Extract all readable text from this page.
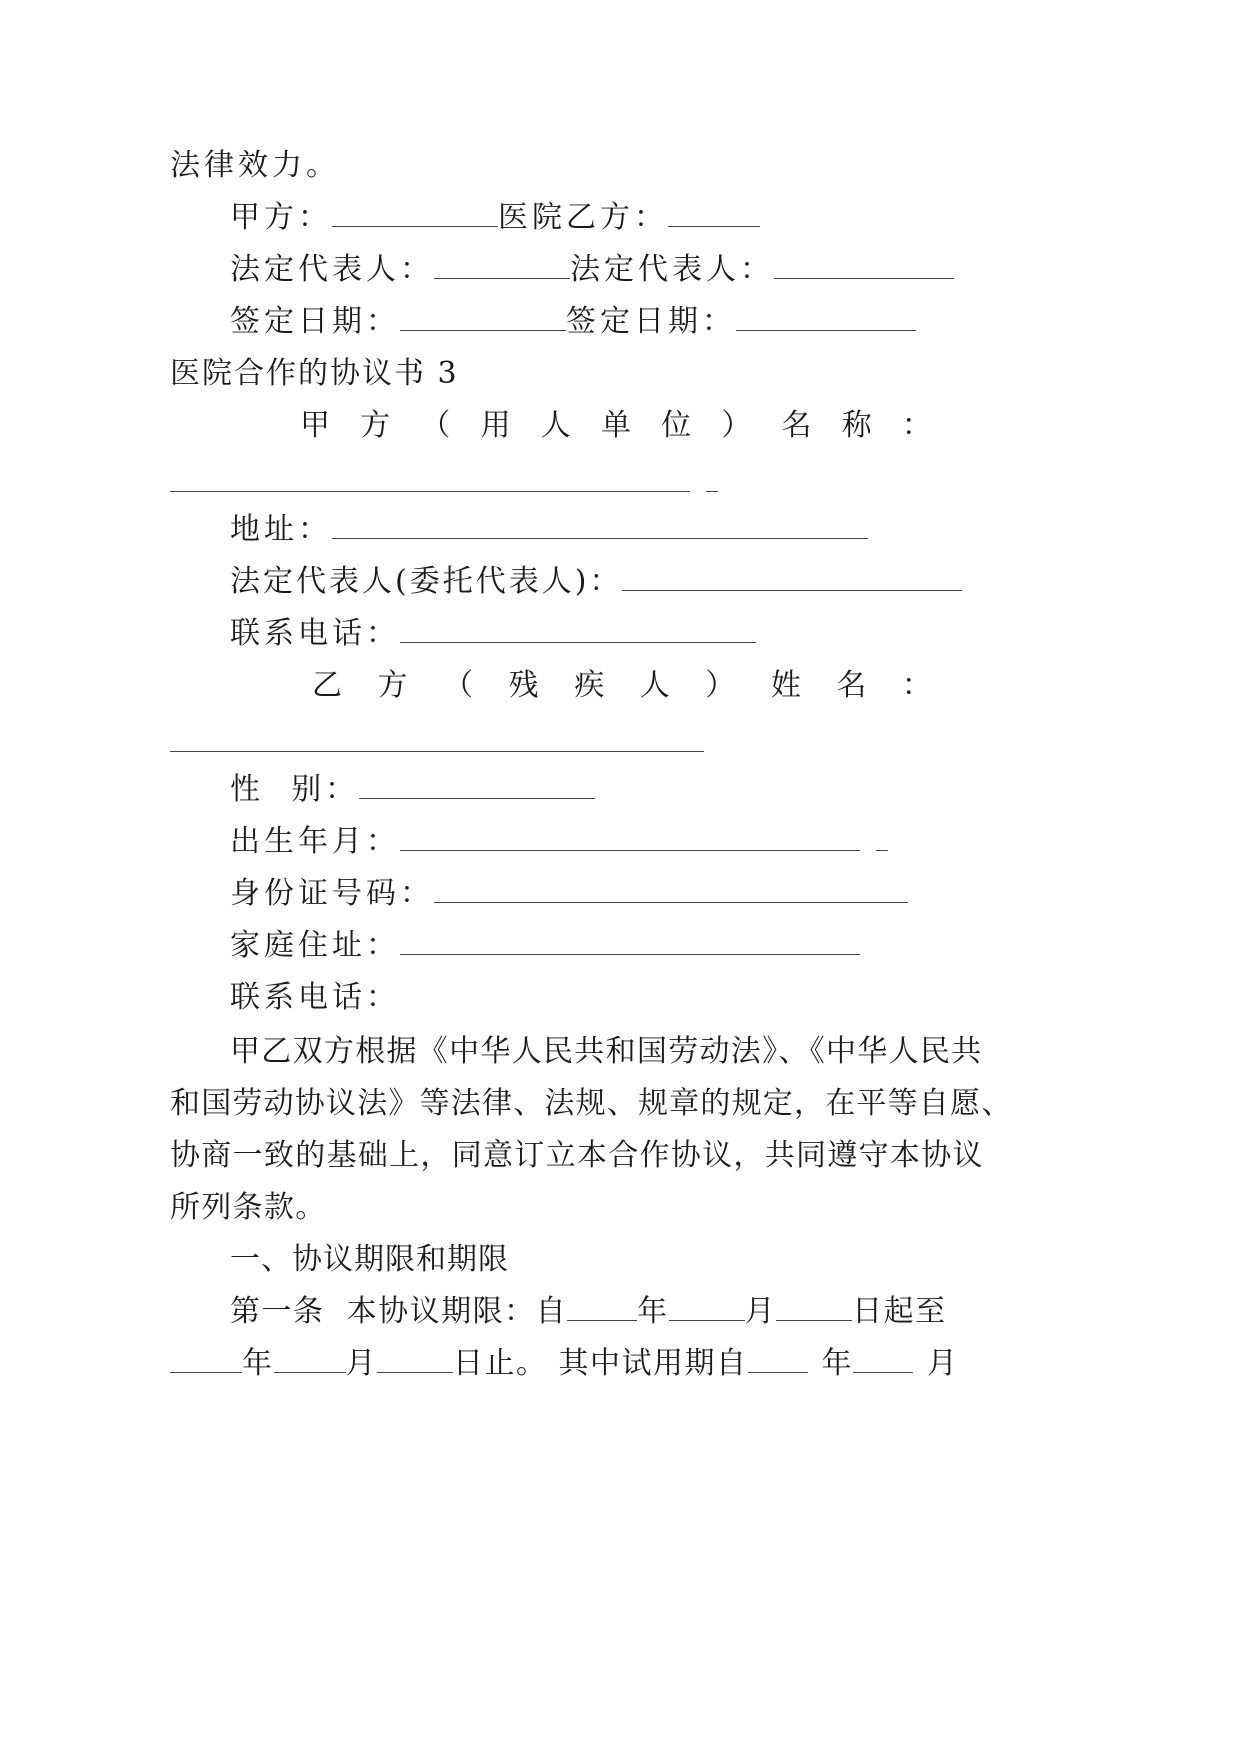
法律效力。
甲方：	医院乙方：
法定代表人：	法定代表人：
签定日期：	签定日期：
医院合作的协议书 3
甲 方 （ 用 人 单 位 ） 名 称 ：
地址：
法定代表人(委托代表人)：
联系电话：
乙 方 （ 残 疾 人 ） 姓 名 ：
性  别：
出生年月：
身份证号码：
家庭住址：
联系电话：
甲乙双方根据《中华人民共和国劳动法》、《中华人民共
和国劳动协议法》等法律、法规、规章的规定，在平等自愿、
协商一致的基础上，同意订立本合作协议，共同遵守本协议
所列条款。
一、协议期限和期限
第一条  本协议期限：自 年	月	日起至
年 月	日止。 其中试用期自 年 月
